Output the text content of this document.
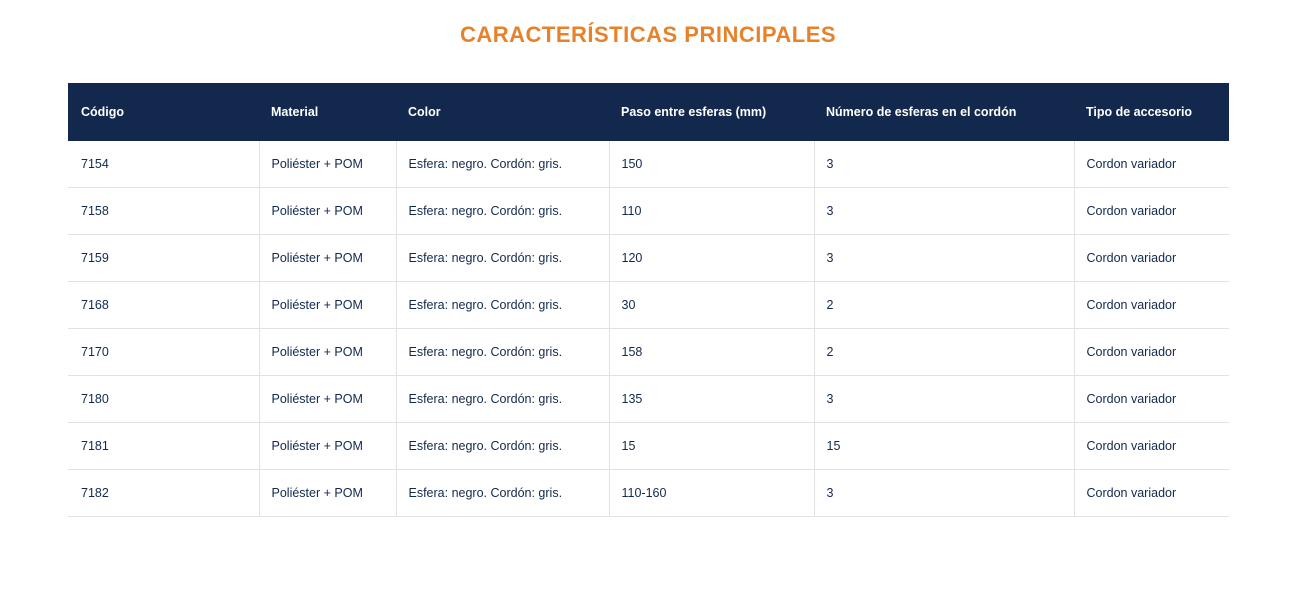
CARACTERÍSTICAS PRINCIPALES
Código	Material	Color	Paso entre esferas (mm)	Número de esferas en el cordón	Tipo de accesorio
7154	Poliéster + POM	Esfera: negro. Cordón: gris.	150	3	Cordon variador
7158	Poliéster + POM	Esfera: negro. Cordón: gris.	110	3	Cordon variador
7159	Poliéster + POM	Esfera: negro. Cordón: gris.	120	3	Cordon variador
7168	Poliéster + POM	Esfera: negro. Cordón: gris.	30	2	Cordon variador
7170	Poliéster + POM	Esfera: negro. Cordón: gris.	158	2	Cordon variador
7180	Poliéster + POM	Esfera: negro. Cordón: gris.	135	3	Cordon variador
7181	Poliéster + POM	Esfera: negro. Cordón: gris.	15	15	Cordon variador
7182	Poliéster + POM	Esfera: negro. Cordón: gris.	110-160	3	Cordon variador
